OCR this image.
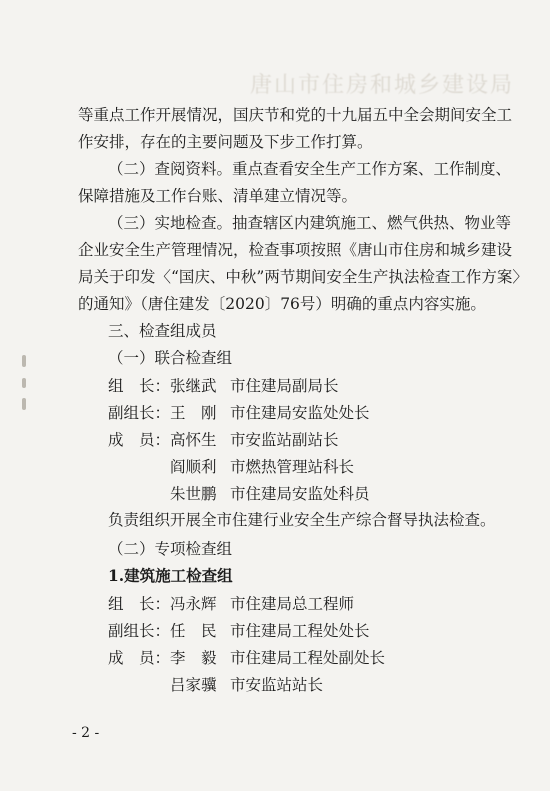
唐山市住房和城乡建设局
等重点工作开展情况，国庆节和党的十九届五中全会期间安全工
作安排，存在的主要问题及下步工作打算。
（二）查阅资料。重点查看安全生产工作方案、工作制度、
保障措施及工作台账、清单建立情况等。
（三）实地检查。抽查辖区内建筑施工、燃气供热、物业等
企业安全生产管理情况，检查事项按照《唐山市住房和城乡建设
局关于印发〈“国庆、中秋”两节期间安全生产执法检查工作方案〉
的通知》（唐住建发〔2020〕76号）明确的重点内容实施。
三、检查组成员
（一）联合检查组
组　长： 张继武 市住建局副局长
副组长： 王　刚 市住建局安监处处长
成　员： 高怀生 市安监站副站长
阎顺利 市燃热管理站科长
朱世鹏 市住建局安监处科员
负责组织开展全市住建行业安全生产综合督导执法检查。
（二）专项检查组
1.建筑施工检查组
组　长： 冯永辉 市住建局总工程师
副组长： 任　民 市住建局工程处处长
成　员： 李　毅 市住建局工程处副处长
吕家骥 市安监站站长
- 2 -
